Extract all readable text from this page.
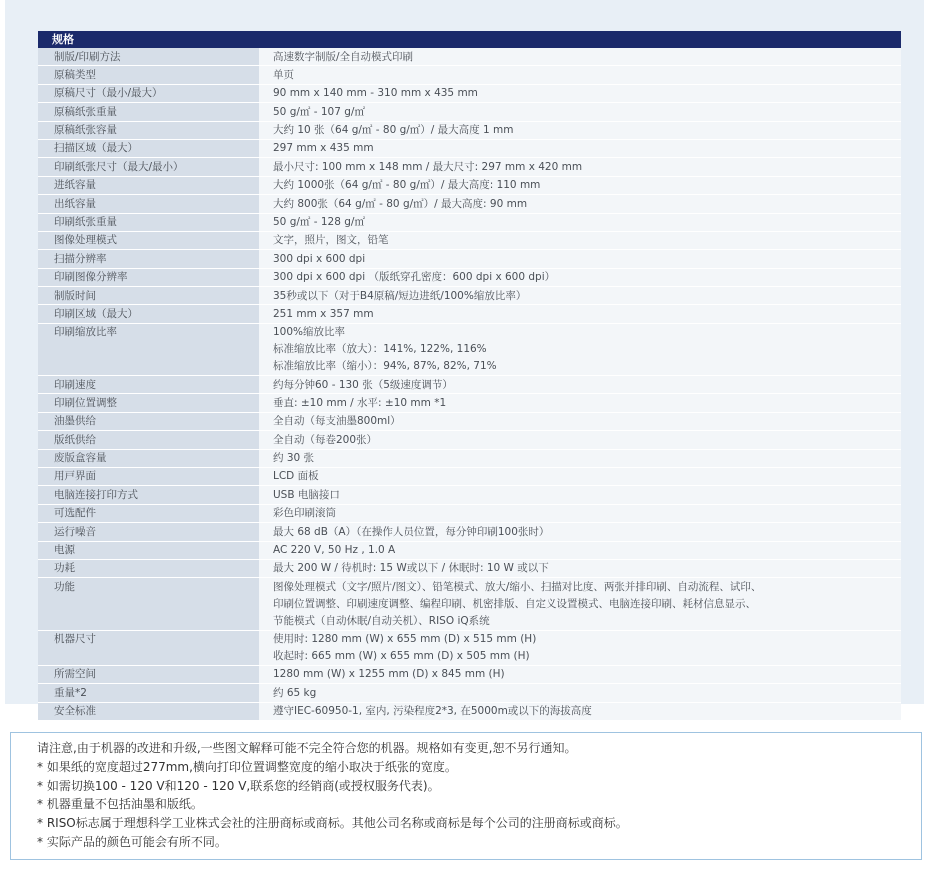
规格
制版/印刷方法	高速数字制版/全自动模式印刷
原稿类型	单页
原稿尺寸（最小/最大）	90 mm x 140 mm - 310 mm x 435 mm
原稿纸张重量	50 g/㎡ - 107 g/㎡
原稿纸张容量	大约 10 张（64 g/㎡ - 80 g/㎡）/ 最大高度 1 mm
扫描区域（最大）	297 mm x 435 mm
印刷纸张尺寸（最大/最小）	最小尺寸: 100 mm x 148 mm / 最大尺寸: 297 mm x 420 mm
进纸容量	大约 1000张（64 g/㎡ - 80 g/㎡）/ 最大高度: 110 mm
出纸容量	大约 800张（64 g/㎡ - 80 g/㎡）/ 最大高度: 90 mm
印刷纸张重量	50 g/㎡ - 128 g/㎡
图像处理模式	文字，照片，图文，铅笔
扫描分辨率	300 dpi x 600 dpi
印刷图像分辨率	300 dpi x 600 dpi （版纸穿孔密度：600 dpi x 600 dpi）
制版时间	35秒或以下（对于B4原稿/短边进纸/100%缩放比率）
印刷区域（最大）	251 mm x 357 mm
印刷缩放比率	100%缩放比率
标准缩放比率（放大）：141%, 122%, 116%
标准缩放比率（缩小）：94%, 87%, 82%, 71%
印刷速度	约每分钟60 - 130 张（5级速度调节）
印刷位置调整	垂直: ±10 mm / 水平: ±10 mm *1
油墨供给	全自动（每支油墨800ml）
版纸供给	全自动（每卷200张）
废版盒容量	约 30 张
用戸界面	LCD 面板
电脑连接打印方式	USB 电脑接口
可选配件	彩色印刷滚筒
运行噪音	最大 68 dB（A）（在操作人员位置，每分钟印刷100张时）
电源	AC 220 V, 50 Hz , 1.0 A
功耗	最大 200 W / 待机时: 15 W或以下 / 休眠时: 10 W 或以下
功能	图像处理模式（文字/照片/图文）、铅笔模式、放大/缩小、扫描对比度、两张并排印刷、自动流程、试印、
印刷位置调整、印刷速度调整、编程印刷、机密排版、自定义设置模式、电脑连接印刷、耗材信息显示、
节能模式（自动休眠/自动关机）、RISO iQ系统
机器尺寸	使用时: 1280 mm (W) x 655 mm (D) x 515 mm (H)
收起时: 665 mm (W) x 655 mm (D) x 505 mm (H)
所需空间	1280 mm (W) x 1255 mm (D) x 845 mm (H)
重量*2	约 65 kg
安全标准	遵守IEC-60950-1, 室内, 污染程度2*3, 在5000m或以下的海拔高度
请注意,由于机器的改进和升级,一些图文解释可能不完全符合您的机器。规格如有变更,恕不另行通知。
* 如果纸的宽度超过277mm,横向打印位置调整宽度的缩小取决于纸张的宽度。
* 如需切换100 - 120 V和120 - 120 V,联系您的经销商(或授权服务代表)。
* 机器重量不包括油墨和版纸。
* RISO标志属于理想科学工业株式会社的注册商标或商标。其他公司名称或商标是每个公司的注册商标或商标。
* 实际产品的颜色可能会有所不同。
